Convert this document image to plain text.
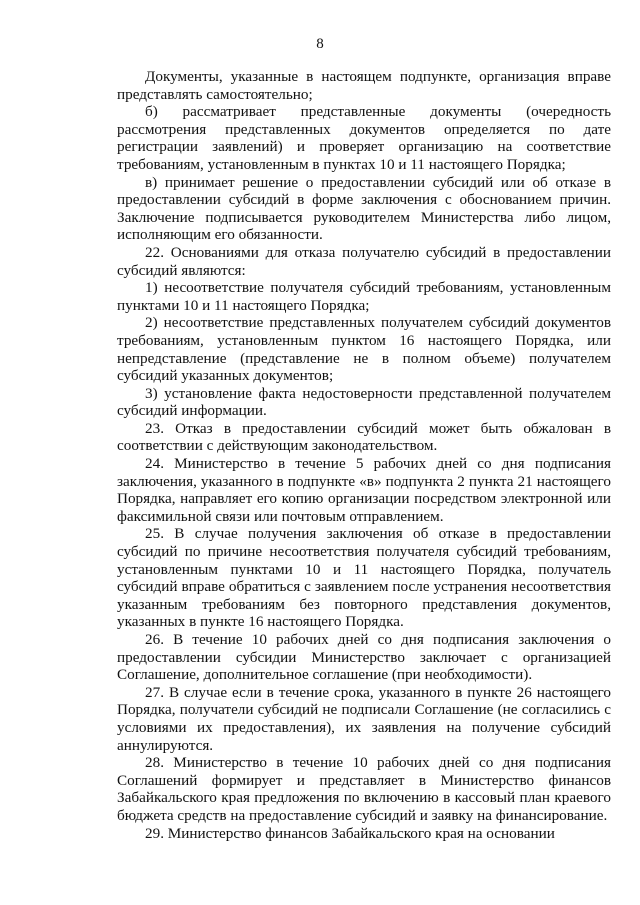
8

Документы, указанные в настоящем подпункте, организация вправе представлять самостоятельно;

б) рассматривает представленные документы (очередность рассмотрения представленных документов определяется по дате регистрации заявлений) и проверяет организацию на соответствие требованиям, установленным в пунктах 10 и 11 настоящего Порядка;

в) принимает решение о предоставлении субсидий или об отказе в предоставлении субсидий в форме заключения с обоснованием причин. Заключение подписывается руководителем Министерства либо лицом, исполняющим его обязанности.

22. Основаниями для отказа получателю субсидий в предоставлении субсидий являются:

1) несоответствие получателя субсидий требованиям, установленным пунктами 10 и 11 настоящего Порядка;

2) несоответствие представленных получателем субсидий документов требованиям, установленным пунктом 16 настоящего Порядка, или непредставление (представление не в полном объеме) получателем субсидий указанных документов;

3) установление факта недостоверности представленной получателем субсидий информации.

23. Отказ в предоставлении субсидий может быть обжалован в соответствии с действующим законодательством.

24. Министерство в течение 5 рабочих дней со дня подписания заключения, указанного в подпункте «в» подпункта 2 пункта 21 настоящего Порядка, направляет его копию организации посредством электронной или факсимильной связи или почтовым отправлением.

25. В случае получения заключения об отказе в предоставлении субсидий по причине несоответствия получателя субсидий требованиям, установленным пунктами 10 и 11 настоящего Порядка, получатель субсидий вправе обратиться с заявлением после устранения несоответствия указанным требованиям без повторного представления документов, указанных в пункте 16 настоящего Порядка.

26. В течение 10 рабочих дней со дня подписания заключения о предоставлении субсидии Министерство заключает с организацией Соглашение, дополнительное соглашение (при необходимости).

27. В случае если в течение срока, указанного в пункте 26 настоящего Порядка, получатели субсидий не подписали Соглашение (не согласились с условиями их предоставления), их заявления на получение субсидий аннулируются.

28. Министерство в течение 10 рабочих дней со дня подписания Соглашений формирует и представляет в Министерство финансов Забайкальского края предложения по включению в кассовый план краевого бюджета средств на предоставление субсидий и заявку на финансирование.

29. Министерство финансов Забайкальского края на основании
